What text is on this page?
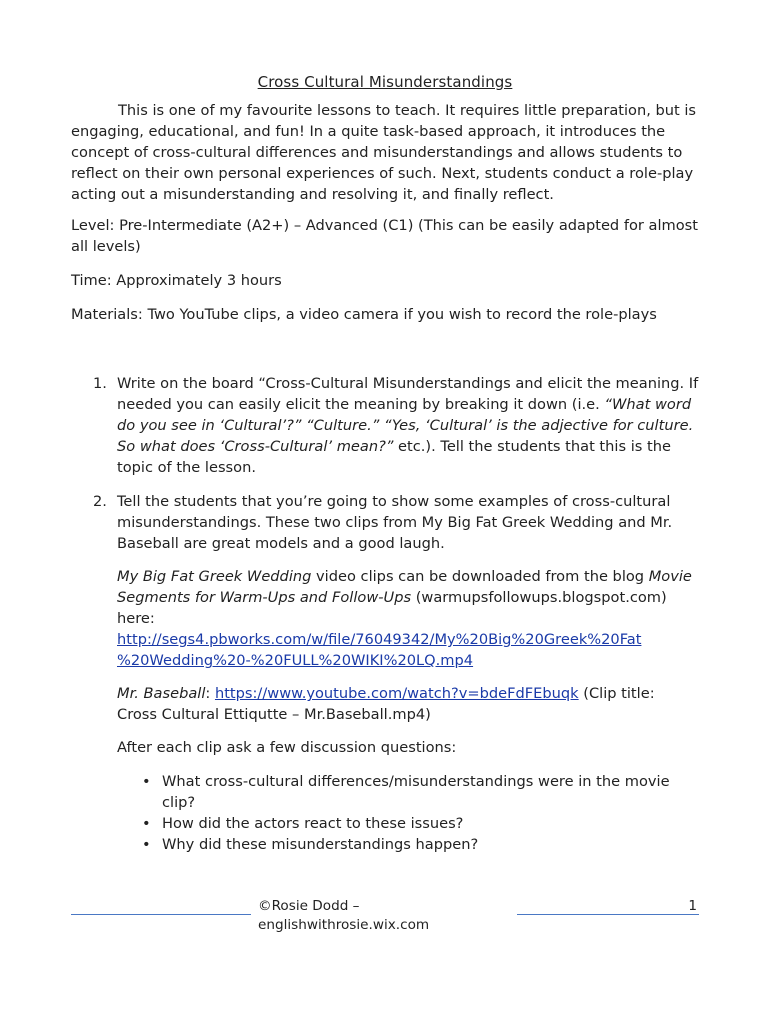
Cross Cultural Misunderstandings

This is one of my favourite lessons to teach. It requires little preparation, but is engaging, educational, and fun! In a quite task-based approach, it introduces the concept of cross-cultural differences and misunderstandings and allows students to reflect on their own personal experiences of such. Next, students conduct a role-play acting out a misunderstanding and resolving it, and finally reflect.

Level: Pre-Intermediate (A2+) – Advanced (C1) (This can be easily adapted for almost all levels)

Time: Approximately 3 hours

Materials: Two YouTube clips, a video camera if you wish to record the role-plays

1. Write on the board “Cross-Cultural Misunderstandings and elicit the meaning. If needed you can easily elicit the meaning by breaking it down (i.e. “What word do you see in ‘Cultural’?” “Culture.” “Yes, ‘Cultural’ is the adjective for culture. So what does ‘Cross-Cultural’ mean?” etc.). Tell the students that this is the topic of the lesson.

2. Tell the students that you’re going to show some examples of cross-cultural misunderstandings. These two clips from My Big Fat Greek Wedding and Mr. Baseball are great models and a good laugh.

My Big Fat Greek Wedding video clips can be downloaded from the blog Movie Segments for Warm-Ups and Follow-Ups (warmupsfollowups.blogspot.com) here:
http://segs4.pbworks.com/w/file/76049342/My%20Big%20Greek%20Fat
%20Wedding%20-%20FULL%20WIKI%20LQ.mp4

Mr. Baseball: https://www.youtube.com/watch?v=bdeFdFEbuqk (Clip title: Cross Cultural Ettiqutte – Mr.Baseball.mp4)

After each clip ask a few discussion questions:

• What cross-cultural differences/misunderstandings were in the movie clip?
• How did the actors react to these issues?
• Why did these misunderstandings happen?
©Rosie Dodd –
englishwithrosie.wix.com
1
